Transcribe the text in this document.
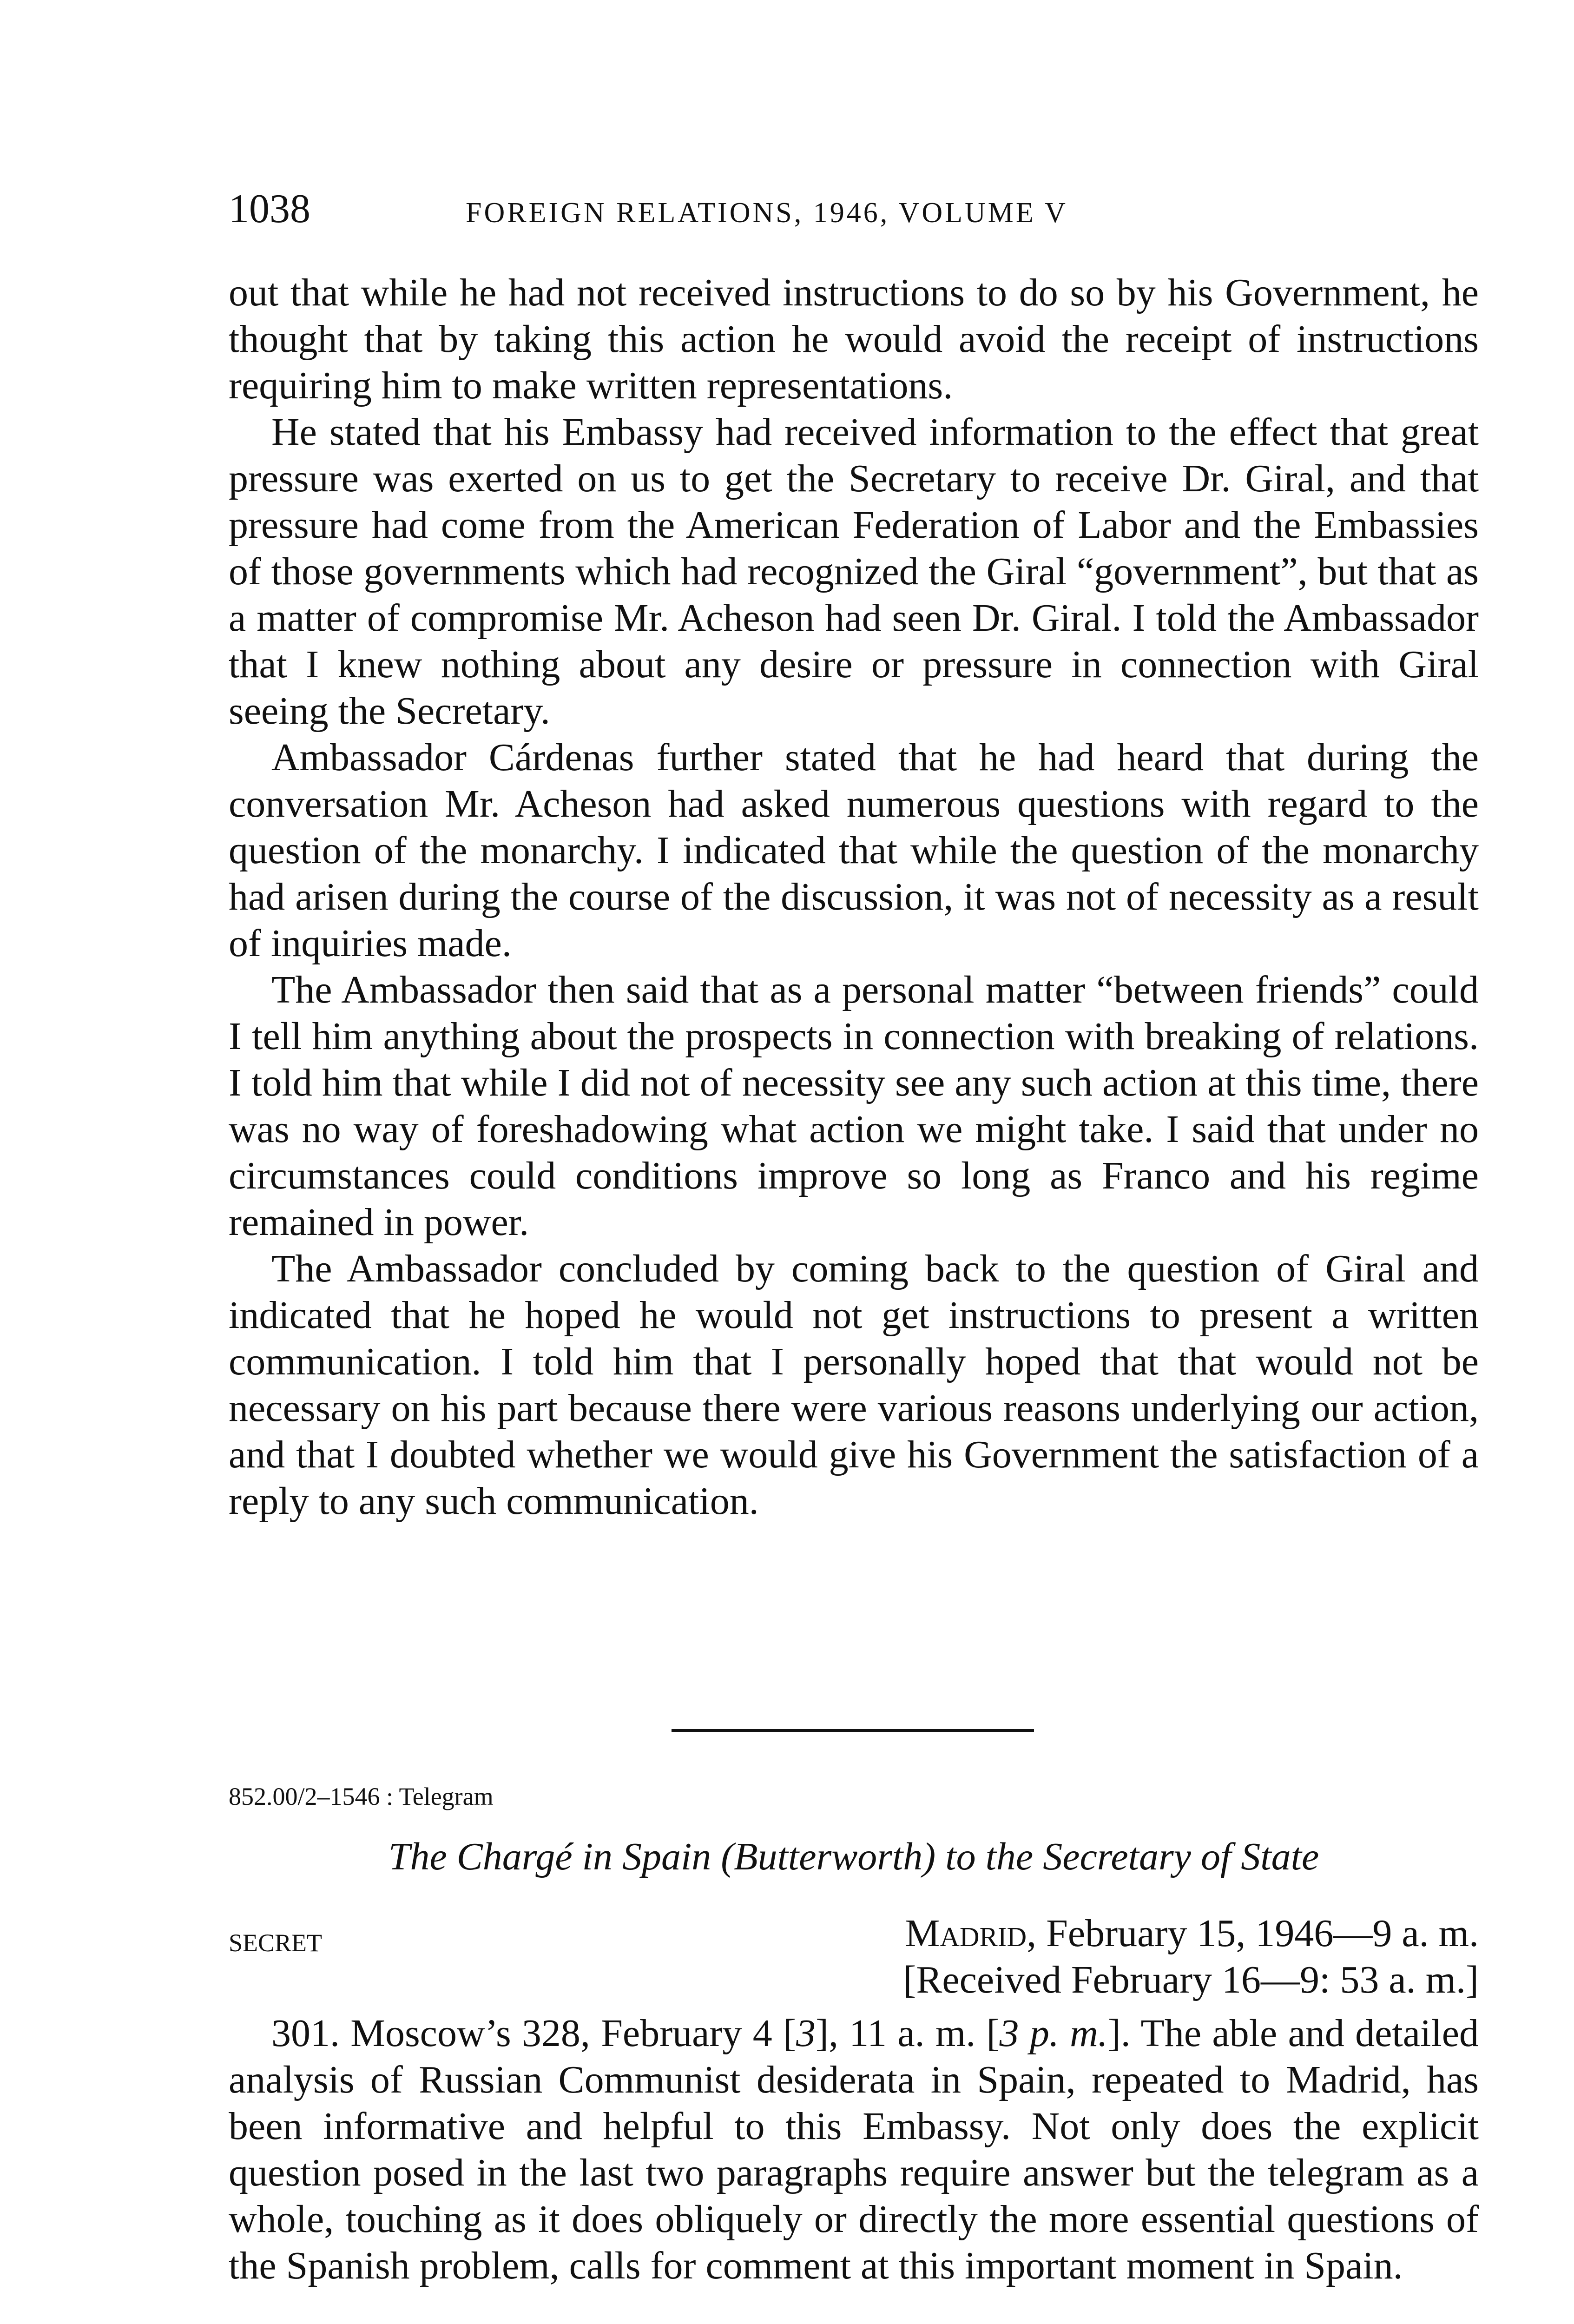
1038	FOREIGN RELATIONS, 1946, VOLUME V

out that while he had not received instructions to do so by his Government, he thought that by taking this action he would avoid the receipt of instructions requiring him to make written representations.

He stated that his Embassy had received information to the effect that great pressure was exerted on us to get the Secretary to receive Dr. Giral, and that pressure had come from the American Federation of Labor and the Embassies of those governments which had recognized the Giral “government”, but that as a matter of compromise Mr. Acheson had seen Dr. Giral. I told the Ambassador that I knew nothing about any desire or pressure in connection with Giral seeing the Secretary.

Ambassador Cárdenas further stated that he had heard that during the conversation Mr. Acheson had asked numerous questions with regard to the question of the monarchy. I indicated that while the question of the monarchy had arisen during the course of the discussion, it was not of necessity as a result of inquiries made.

The Ambassador then said that as a personal matter “between friends” could I tell him anything about the prospects in connection with breaking of relations. I told him that while I did not of necessity see any such action at this time, there was no way of foreshadowing what action we might take. I said that under no circumstances could conditions improve so long as Franco and his regime remained in power.

The Ambassador concluded by coming back to the question of Giral and indicated that he hoped he would not get instructions to present a written communication. I told him that I personally hoped that that would not be necessary on his part because there were various reasons underlying our action, and that I doubted whether we would give his Government the satisfaction of a reply to any such communication.

852.00/2–1546 : Telegram
The Chargé in Spain (Butterworth) to the Secretary of State
SECRET	Madrid, February 15, 1946—9 a. m.
[Received February 16—9: 53 a. m.]

301. Moscow’s 328, February 4 [3], 11 a. m. [3 p. m.]. The able and detailed analysis of Russian Communist desiderata in Spain, repeated to Madrid, has been informative and helpful to this Embassy. Not only does the explicit question posed in the last two paragraphs require answer but the telegram as a whole, touching as it does obliquely or directly the more essential questions of the Spanish problem, calls for comment at this important moment in Spain.
